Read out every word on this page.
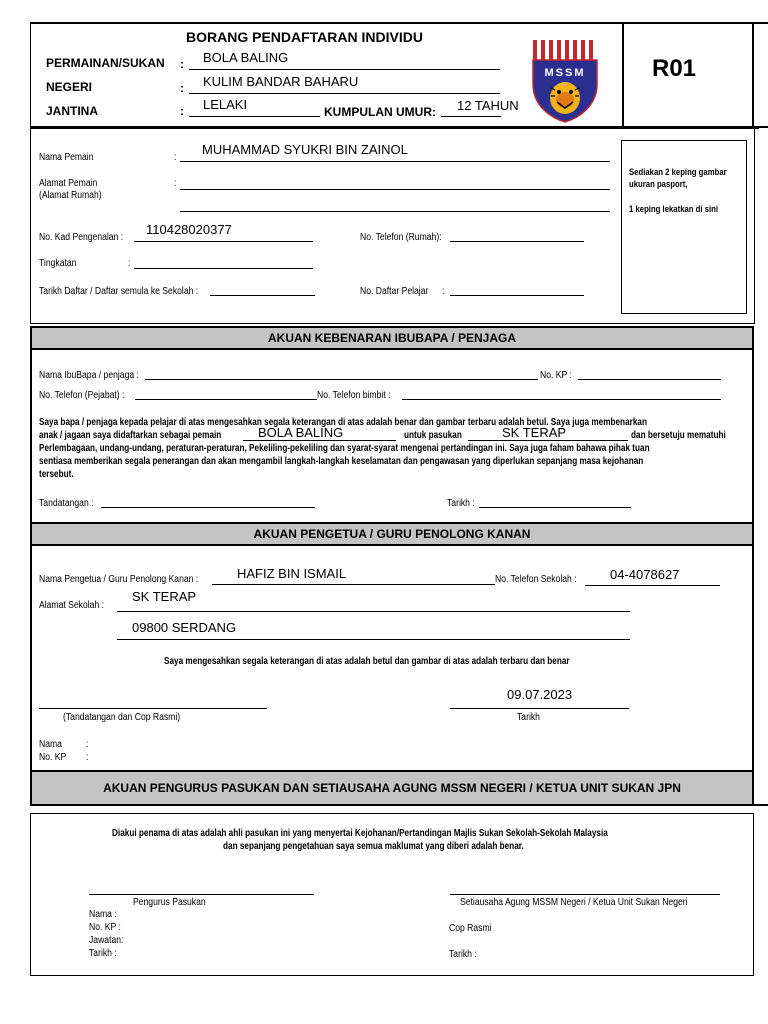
BORANG PENDAFTARAN INDIVIDU
PERMAINAN/SUKAN : BOLA BALING
NEGERI	: KULIM BANDAR BAHARU
JANTINA	: LELAKI	KUMPULAN UMUR: 12 TAHUN
MSSM	R01
Nama Pemain	:
MUHAMMAD SYUKRI BIN ZAINOL
Alamat Pemain
(Alamat Rumah)
:
No. Kad Pengenalan :
110428020377
No. Telefon (Rumah):
Tingkatan	:
Tarikh Daftar / Daftar semula ke Sekolah :	No. Daftar Pelajar :
Sediakan 2 keping gambar
ukuran pasport,
1 keping lekatkan di sini
AKUAN KEBENARAN IBUBAPA / PENJAGA
Nama IbuBapa / penjaga :	No. KP :
No. Telefon (Pejabat) :	No. Telefon bimbit :
Saya bapa / penjaga kepada pelajar di atas mengesahkan segala keterangan di atas adalah benar dan gambar terbaru adalah betul. Saya juga membenarkan
anak / jagaan saya didaftarkan sebagai pemain	BOLA BALING	untuk pasukan	SK TERAP	dan bersetuju mematuhi
Perlembagaan, undang-undang, peraturan-peraturan, Pekeliling-pekeliling dan syarat-syarat mengenai pertandingan ini. Saya juga faham bahawa pihak tuan
sentiasa memberikan segala penerangan dan akan mengambil langkah-langkah keselamatan dan pengawasan yang diperlukan sepanjang masa kejohanan
tersebut.
Tandatangan :	Tarikh :
AKUAN PENGETUA / GURU PENOLONG KANAN
Nama Pengetua / Guru Penolong Kanan :	HAFIZ BIN ISMAIL	No. Telefon Sekolah :	04-4078627
Alamat Sekolah :
SK TERAP
09800 SERDANG
Saya mengesahkan segala keterangan di atas adalah betul dan gambar di atas adalah terbaru dan benar
(Tandatangan dan Cop Rasmi)
09.07.2023
Tarikh
Nama :
No. KP :
AKUAN PENGURUS PASUKAN DAN SETIAUSAHA AGUNG MSSM NEGERI / KETUA UNIT SUKAN JPN
Diakui penama di atas adalah ahli pasukan ini yang menyertai Kejohanan/Pertandingan Majlis Sukan Sekolah-Sekolah Malaysia
dan sepanjang pengetahuan saya semua maklumat yang diberi adalah benar.
Pengurus Pasukan
Nama :
No. KP :
Jawatan:
Tarikh :
Setiausaha Agung MSSM Negeri / Ketua Unit Sukan Negeri
Cop Rasmi
Tarikh :
